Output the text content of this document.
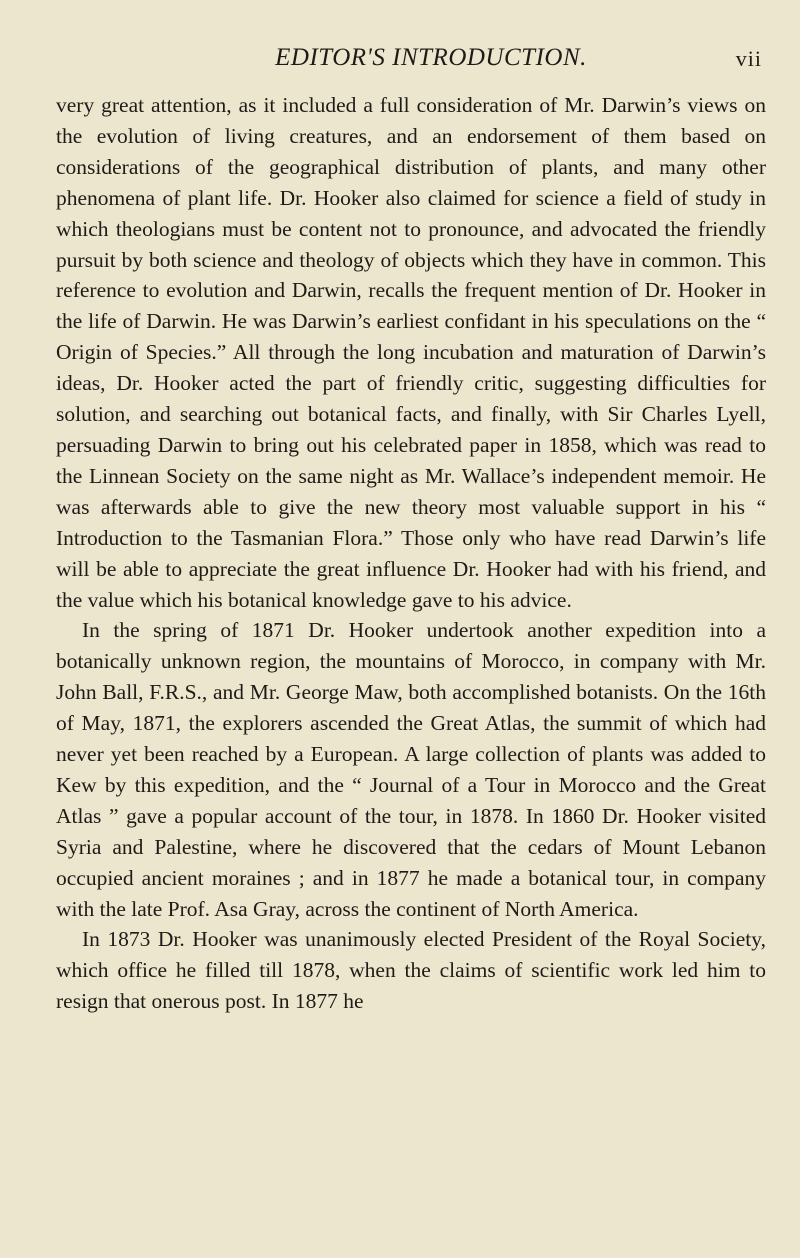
EDITOR'S INTRODUCTION.	vii

very great attention, as it included a full consideration of Mr. Darwin’s views on the evolution of living creatures, and an endorsement of them based on considerations of the geographical distribution of plants, and many other phenomena of plant life. Dr. Hooker also claimed for science a field of study in which theologians must be content not to pronounce, and advocated the friendly pursuit by both science and theology of objects which they have in common. This reference to evolution and Darwin, recalls the frequent mention of Dr. Hooker in the life of Darwin. He was Darwin’s earliest confidant in his speculations on the “ Origin of Species.” All through the long incubation and maturation of Darwin’s ideas, Dr. Hooker acted the part of friendly critic, suggesting difficulties for solution, and searching out botanical facts, and finally, with Sir Charles Lyell, persuading Darwin to bring out his celebrated paper in 1858, which was read to the Linnean Society on the same night as Mr. Wallace’s independent memoir. He was afterwards able to give the new theory most valuable support in his “ Introduction to the Tasmanian Flora.” Those only who have read Darwin’s life will be able to appreciate the great influence Dr. Hooker had with his friend, and the value which his botanical knowledge gave to his advice.

In the spring of 1871 Dr. Hooker undertook another expedition into a botanically unknown region, the mountains of Morocco, in company with Mr. John Ball, F.R.S., and Mr. George Maw, both accomplished botanists. On the 16th of May, 1871, the explorers ascended the Great Atlas, the summit of which had never yet been reached by a European. A large collection of plants was added to Kew by this expedition, and the “ Journal of a Tour in Morocco and the Great Atlas ” gave a popular account of the tour, in 1878. In 1860 Dr. Hooker visited Syria and Palestine, where he discovered that the cedars of Mount Lebanon occupied ancient moraines ; and in 1877 he made a botanical tour, in company with the late Prof. Asa Gray, across the continent of North America.

In 1873 Dr. Hooker was unanimously elected President of the Royal Society, which office he filled till 1878, when the claims of scientific work led him to resign that onerous post. In 1877 he
